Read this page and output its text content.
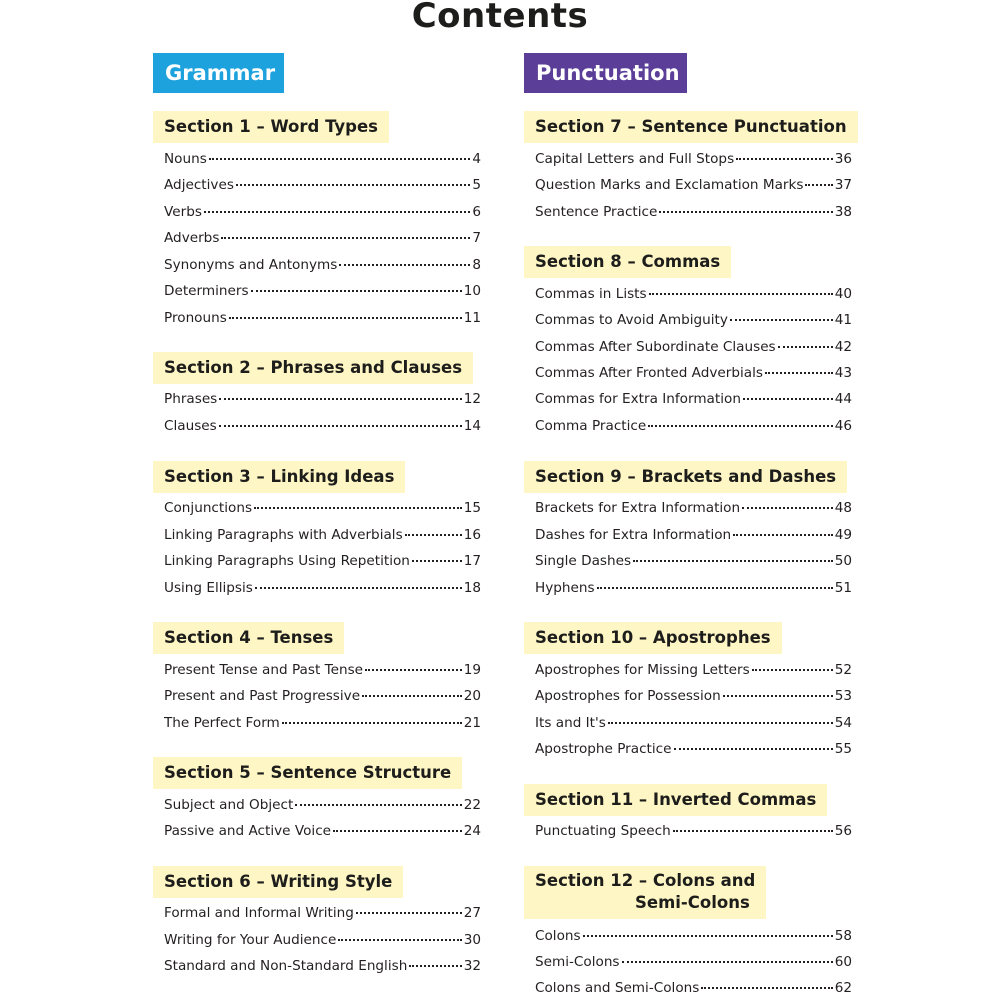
Contents
Grammar
Section 1 – Word Types
Nouns	4
Adjectives	5
Verbs	6
Adverbs	7
Synonyms and Antonyms	8
Determiners	10
Pronouns	11
Section 2 – Phrases and Clauses
Phrases	12
Clauses	14
Section 3 – Linking Ideas
Conjunctions	15
Linking Paragraphs with Adverbials	16
Linking Paragraphs Using Repetition	17
Using Ellipsis	18
Section 4 – Tenses
Present Tense and Past Tense	19
Present and Past Progressive	20
The Perfect Form	21
Section 5 – Sentence Structure
Subject and Object	22
Passive and Active Voice	24
Section 6 – Writing Style
Formal and Informal Writing	27
Writing for Your Audience	30
Standard and Non-Standard English	32
Punctuation
Section 7 – Sentence Punctuation
Capital Letters and Full Stops	36
Question Marks and Exclamation Marks 37
Sentence Practice	38
Section 8 – Commas
Commas in Lists	40
Commas to Avoid Ambiguity	41
Commas After Subordinate Clauses	42
Commas After Fronted Adverbials	43
Commas for Extra Information	44
Comma Practice	46
Section 9 – Brackets and Dashes
Brackets for Extra Information	48
Dashes for Extra Information	49
Single Dashes	50
Hyphens	51
Section 10 – Apostrophes
Apostrophes for Missing Letters	52
Apostrophes for Possession	53
Its and It's	54
Apostrophe Practice	55
Section 11 – Inverted Commas
Punctuating Speech	56
Section 12 – Colons and
Semi-Colons
Colons	58
Semi-Colons	60
Colons and Semi-Colons	62
